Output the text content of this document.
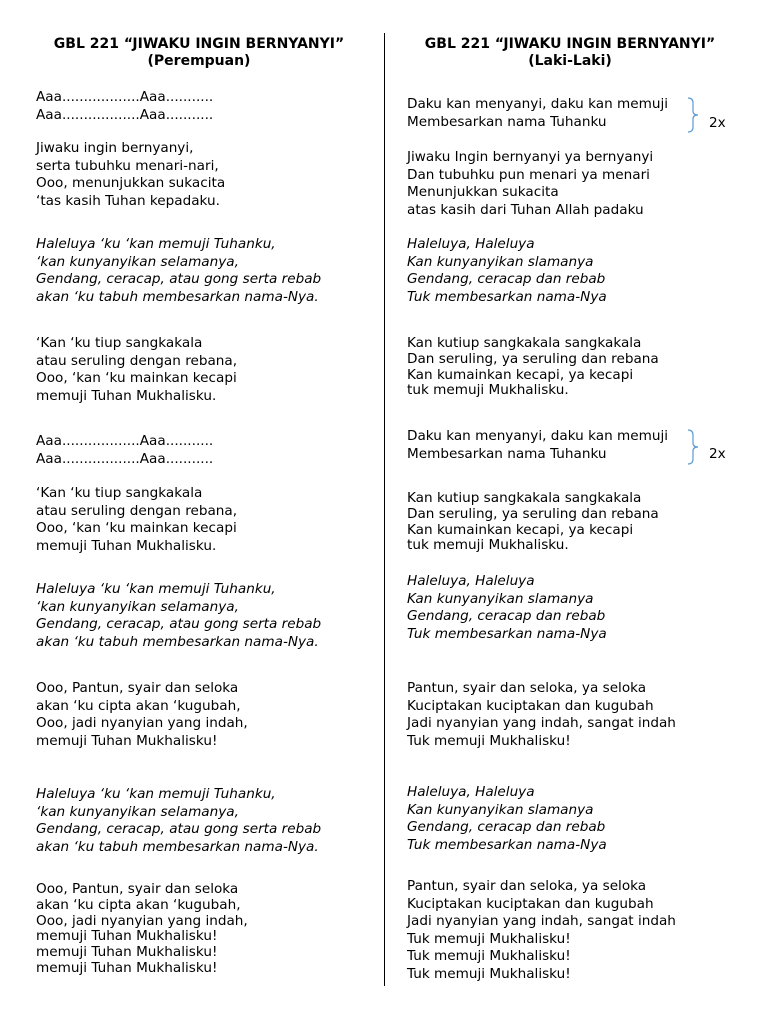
GBL 221 “JIWAKU INGIN BERNYANYI”
(Perempuan)
GBL 221 “JIWAKU INGIN BERNYANYI”
(Laki-Laki)
Aaa..................Aaa...........
Aaa..................Aaa...........
Jiwaku ingin bernyanyi,
serta tubuhku menari-nari,
Ooo, menunjukkan sukacita
‘tas kasih Tuhan kepadaku.
Haleluya ‘ku ‘kan memuji Tuhanku,
‘kan kunyanyikan selamanya,
Gendang, ceracap, atau gong serta rebab
akan ‘ku tabuh membesarkan nama-Nya.
‘Kan ‘ku tiup sangkakala
atau seruling dengan rebana,
Ooo, ‘kan ‘ku mainkan kecapi
memuji Tuhan Mukhalisku.
Aaa..................Aaa...........
Aaa..................Aaa...........
‘Kan ‘ku tiup sangkakala
atau seruling dengan rebana,
Ooo, ‘kan ‘ku mainkan kecapi
memuji Tuhan Mukhalisku.
Haleluya ‘ku ‘kan memuji Tuhanku,
‘kan kunyanyikan selamanya,
Gendang, ceracap, atau gong serta rebab
akan ‘ku tabuh membesarkan nama-Nya.
Ooo, Pantun, syair dan seloka
akan ‘ku cipta akan ‘kugubah,
Ooo, jadi nyanyian yang indah,
memuji Tuhan Mukhalisku!
Haleluya ‘ku ‘kan memuji Tuhanku,
‘kan kunyanyikan selamanya,
Gendang, ceracap, atau gong serta rebab
akan ‘ku tabuh membesarkan nama-Nya.
Ooo, Pantun, syair dan seloka
akan ‘ku cipta akan ‘kugubah,
Ooo, jadi nyanyian yang indah,
memuji Tuhan Mukhalisku!
memuji Tuhan Mukhalisku!
memuji Tuhan Mukhalisku!
Daku kan menyanyi, daku kan memuji
Membesarkan nama Tuhanku	2x
Jiwaku Ingin bernyanyi ya bernyanyi
Dan tubuhku pun menari ya menari
Menunjukkan sukacita
atas kasih dari Tuhan Allah padaku
Haleluya, Haleluya
Kan kunyanyikan slamanya
Gendang, ceracap dan rebab
Tuk membesarkan nama-Nya
Kan kutiup sangkakala sangkakala
Dan seruling, ya seruling dan rebana
Kan kumainkan kecapi, ya kecapi
tuk memuji Mukhalisku.
Daku kan menyanyi, daku kan memuji
Membesarkan nama Tuhanku	2x
Kan kutiup sangkakala sangkakala
Dan seruling, ya seruling dan rebana
Kan kumainkan kecapi, ya kecapi
tuk memuji Mukhalisku.
Haleluya, Haleluya
Kan kunyanyikan slamanya
Gendang, ceracap dan rebab
Tuk membesarkan nama-Nya
Pantun, syair dan seloka, ya seloka
Kuciptakan kuciptakan dan kugubah
Jadi nyanyian yang indah, sangat indah
Tuk memuji Mukhalisku!
Haleluya, Haleluya
Kan kunyanyikan slamanya
Gendang, ceracap dan rebab
Tuk membesarkan nama-Nya
Pantun, syair dan seloka, ya seloka
Kuciptakan kuciptakan dan kugubah
Jadi nyanyian yang indah, sangat indah
Tuk memuji Mukhalisku!
Tuk memuji Mukhalisku!
Tuk memuji Mukhalisku!
